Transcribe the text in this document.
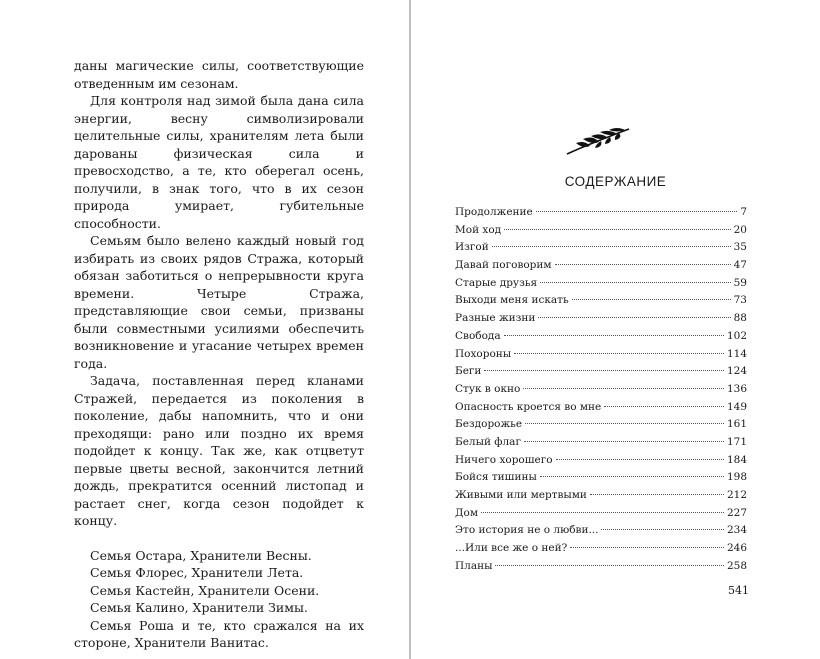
даны магические силы, соответствующие отведенным им сезонам.

Для контроля над зимой была дана сила энергии, весну символизировали целительные силы, хранителям лета были дарованы физическая сила и превосходство, а те, кто оберегал осень, получили, в знак того, что в их сезон природа умирает, губительные способности.

Семьям было велено каждый новый год избирать из своих рядов Стража, который обязан заботиться о непрерывности круга времени. Четыре Стража, представляющие свои семьи, призваны были совместными усилиями обеспечить возникновение и угасание четырех времен года.

Задача, поставленная перед кланами Стражей, передается из поколения в поколение, дабы напомнить, что и они преходящи: рано или поздно их время подойдет к концу. Так же, как отцветут первые цветы весной, закончится летний дождь, прекратится осенний листопад и растает снег, когда сезон подойдет к концу.

Семья Остара, Хранители Весны.
Семья Флорес, Хранители Лета.
Семья Кастейн, Хранители Осени.
Семья Калино, Хранители Зимы.
Семья Роша и те, кто сражался на их стороне, Хранители Ванитас.
СОДЕРЖАНИЕ
Продолжение	7
Мой ход	20
Изгой	35
Давай поговорим	47
Старые друзья	59
Выходи меня искать	73
Разные жизни	88
Свобода	102
Похороны	114
Беги	124
Стук в окно	136
Опасность кроется во мне	149
Бездорожье	161
Белый флаг	171
Ничего хорошего	184
Бойся тишины	198
Живыми или мертвыми	212
Дом	227
Это история не о любви...	234
...Или все же о ней?	246
Планы	258
541
